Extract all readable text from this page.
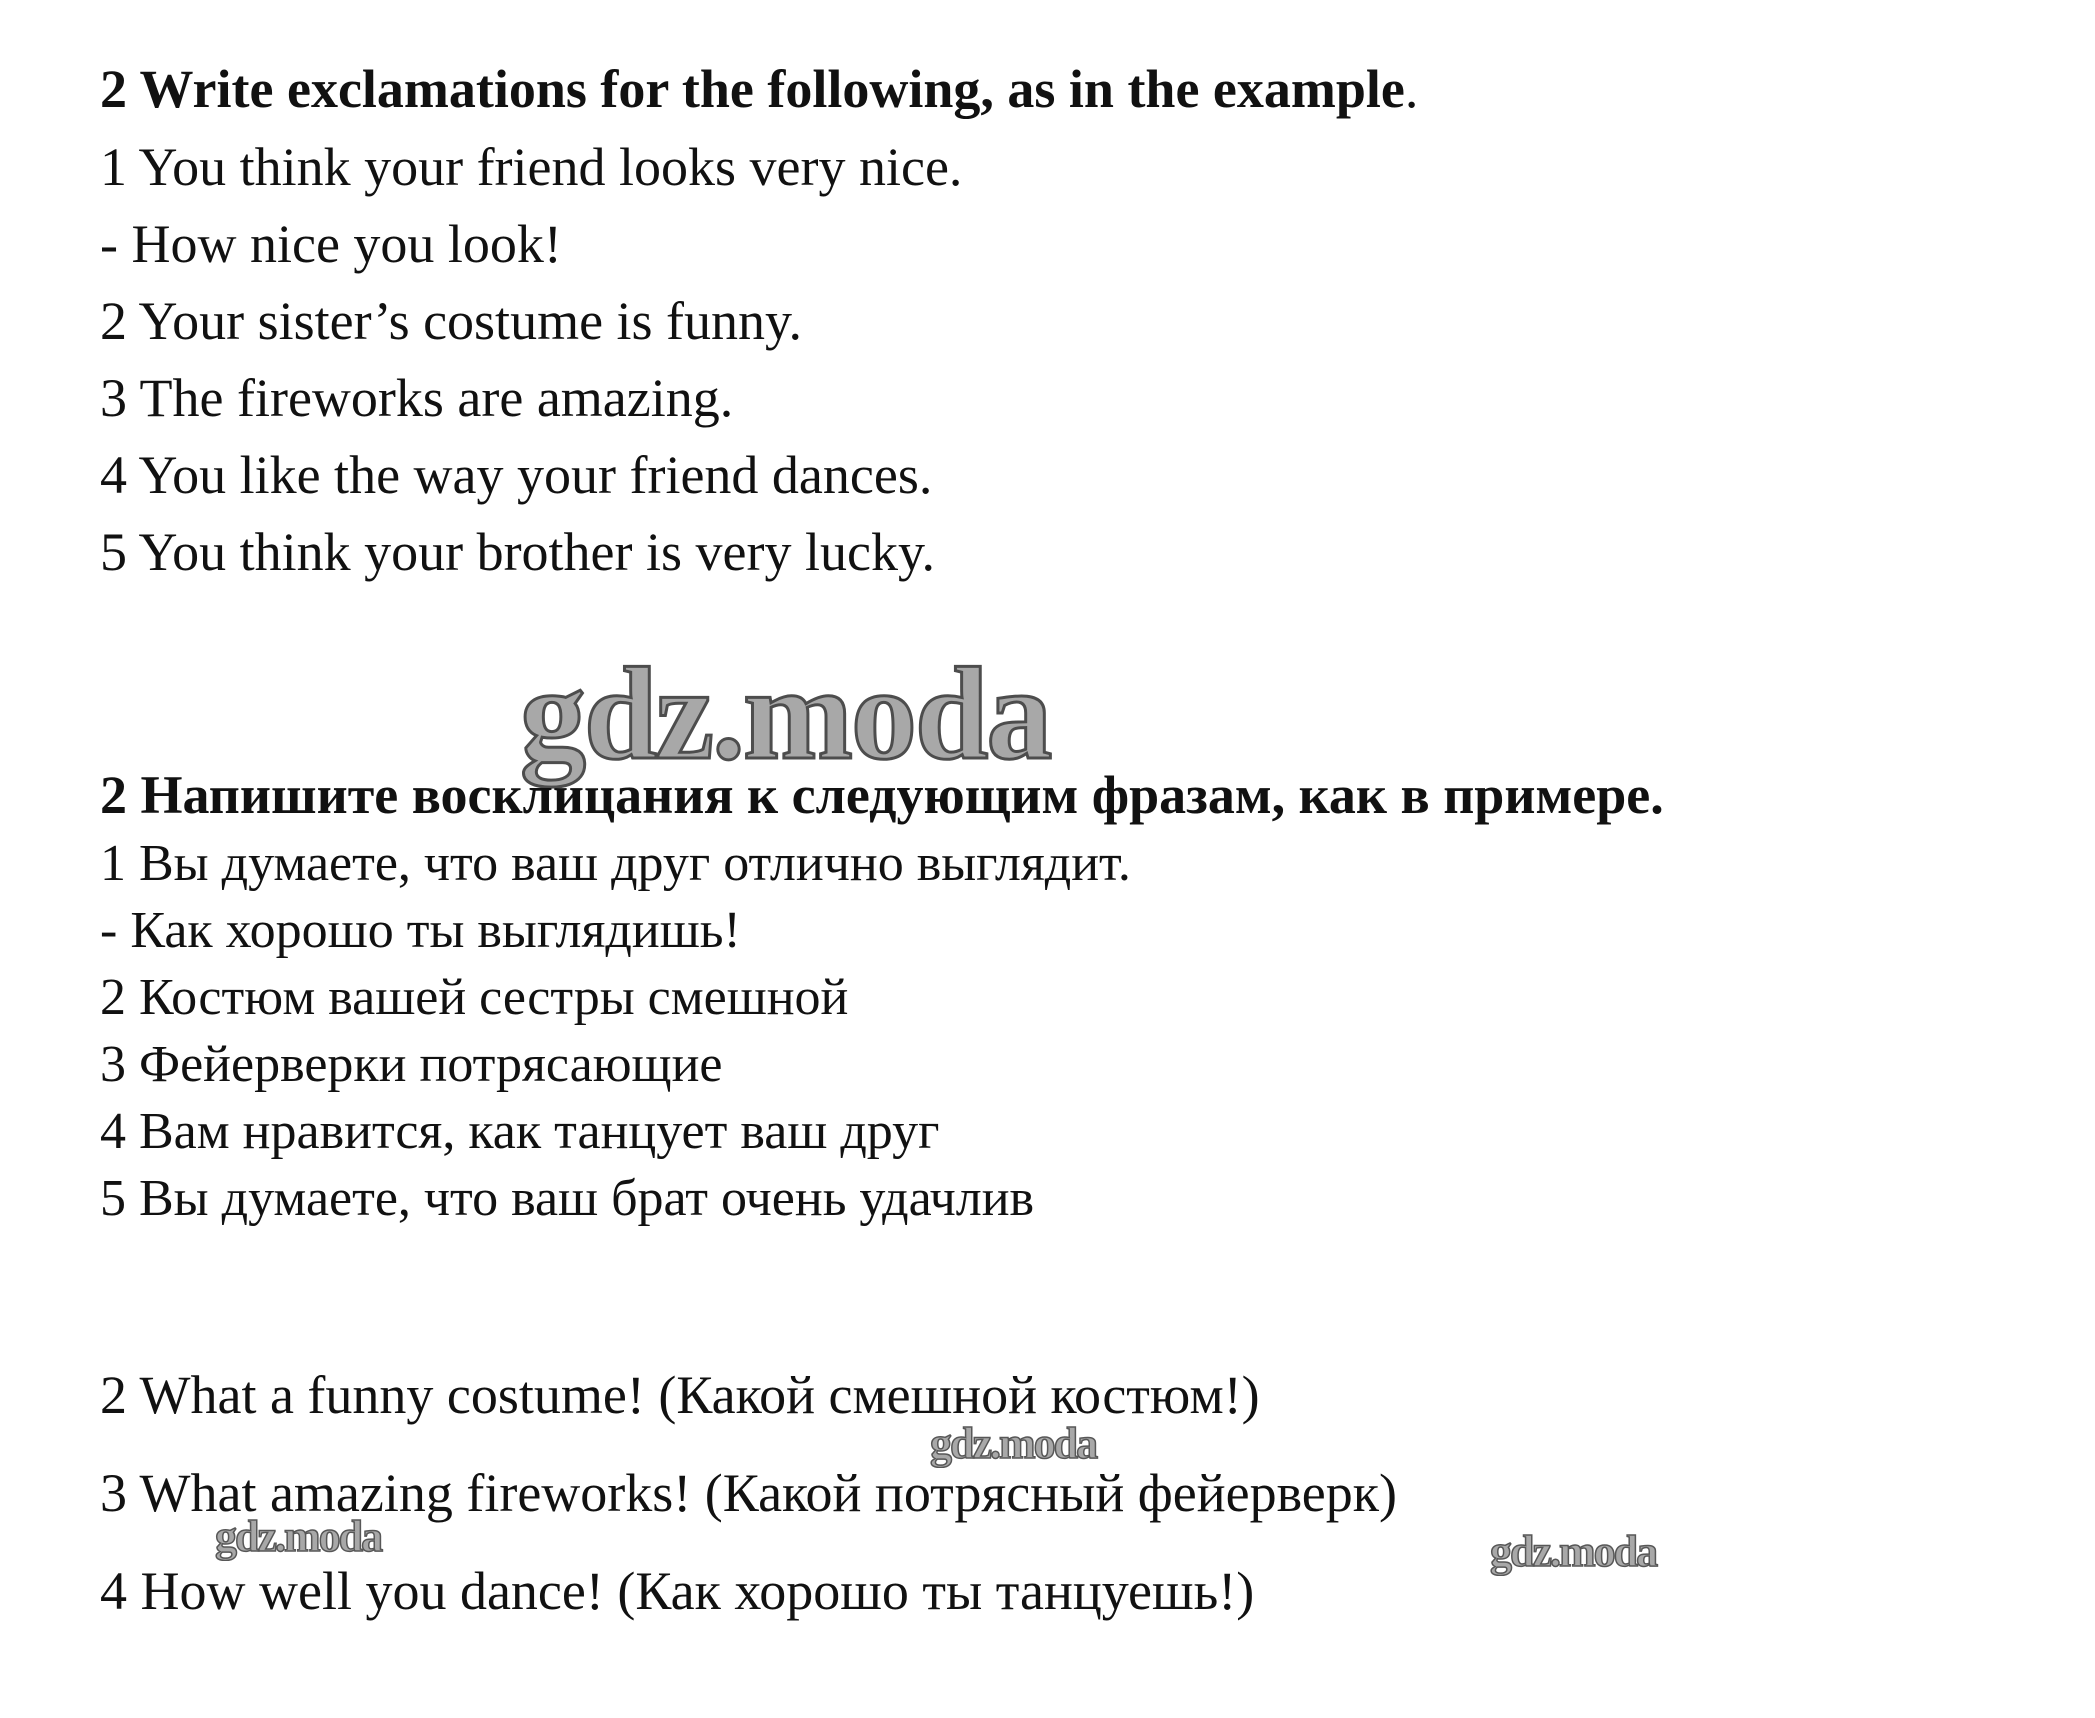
2 Write exclamations for the following, as in the example.
1 You think your friend looks very nice.
- How nice you look!
2 Your sister’s costume is funny.
3 The fireworks are amazing.
4 You like the way your friend dances.
5 You think your brother is very lucky.
gdz.moda
2 Напишите восклицания к следующим фразам, как в примере.
1 Вы думаете, что ваш друг отлично выглядит.
- Как хорошо ты выглядишь!
2 Костюм вашей сестры смешной
3 Фейерверки потрясающие
4 Вам нравится, как танцует ваш друг
5 Вы думаете, что ваш брат очень удачлив
2 What a funny costume! (Какой смешной костюм!)
3 What amazing fireworks! (Какой потрясный фейерверк)
4 How well you dance! (Как хорошо ты танцуешь!)
gdz.moda
gdz.moda	gdz.moda
